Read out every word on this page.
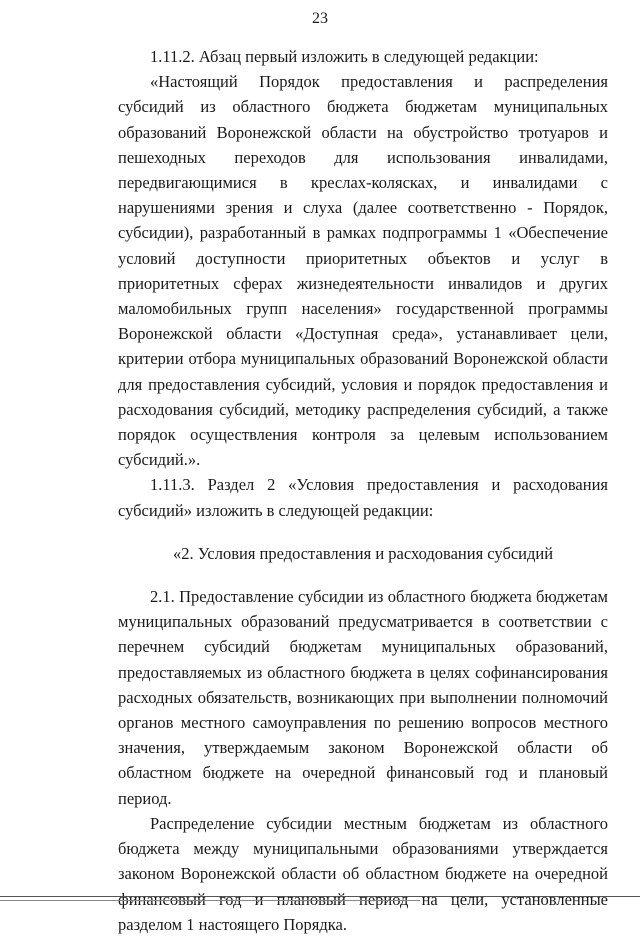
23

1.11.2. Абзац первый изложить в следующей редакции:

«Настоящий Порядок предоставления и распределения субсидий из областного бюджета бюджетам муниципальных образований Воронежской области на обустройство тротуаров и пешеходных переходов для использования инвалидами, передвигающимися в креслах-колясках, и инвалидами с нарушениями зрения и слуха (далее соответственно - Порядок, субсидии), разработанный в рамках подпрограммы 1 «Обеспечение условий доступности приоритетных объектов и услуг в приоритетных сферах жизнедеятельности инвалидов и других маломобильных групп населения» государственной программы Воронежской области «Доступная среда», устанавливает цели, критерии отбора муниципальных образований Воронежской области для предоставления субсидий, условия и порядок предоставления и расходования субсидий, методику распределения субсидий, а также порядок осуществления контроля за целевым использованием субсидий.».

1.11.3. Раздел 2 «Условия предоставления и расходования субсидий» изложить в следующей редакции:

«2. Условия предоставления и расходования субсидий

2.1. Предоставление субсидии из областного бюджета бюджетам муниципальных образований предусматривается в соответствии с перечнем субсидий бюджетам муниципальных образований, предоставляемых из областного бюджета в целях софинансирования расходных обязательств, возникающих при выполнении полномочий органов местного самоуправления по решению вопросов местного значения, утверждаемым законом Воронежской области об областном бюджете на очередной финансовый год и плановый период.

Распределение субсидии местным бюджетам из областного бюджета между муниципальными образованиями утверждается законом Воронежской области об областном бюджете на очередной финансовый год и плановый период на цели, установленные разделом 1 настоящего Порядка.
